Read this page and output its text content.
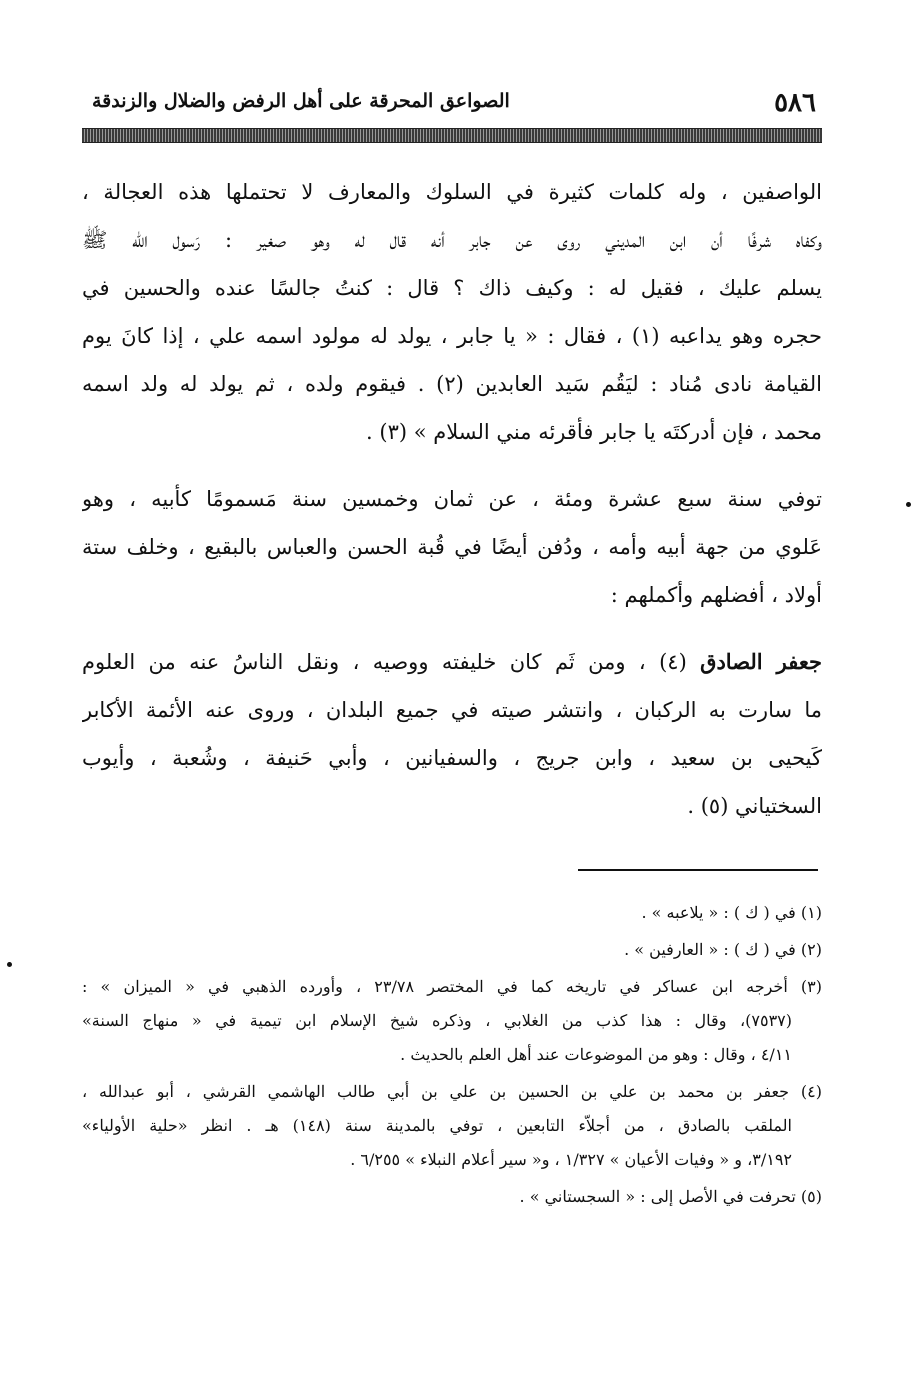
٥٨٦
الصواعق المحرقة على أهل الرفض والضلال والزندقة
الواصفين ، وله كلمات كثيرة في السلوك والمعارف لا تحتملها هذه العجالة ،
وكفاه شرفًا أن ابن المديني روى عن جابر أنه قال له وهو صغير : رَسول الله ﷺ
يسلم عليك ، فقيل له : وكيف ذاك ؟ قال : كنتُ جالسًا عنده والحسين في
حجره وهو يداعبه (١) ، فقال : « يا جابر ، يولد له مولود اسمه علي ، إذا كانَ يوم
القيامة نادى مُناد : ليَقُم سَيد العابدين (٢) . فيقوم ولده ، ثم يولد له ولد اسمه
محمد ، فإن أدركتَه يا جابر فأقرئه مني السلام » (٣) .
توفي سنة سبع عشرة ومئة ، عن ثمان وخمسين سنة مَسمومًا كأبيه ، وهو
عَلوي من جهة أبيه وأمه ، ودُفن أيضًا في قُبة الحسن والعباس بالبقيع ، وخلف ستة
أولاد ، أفضلهم وأكملهم :
جعفر الصادق (٤) ، ومن ثَم كان خليفته ووصيه ، ونقل الناسُ عنه من العلوم
ما سارت به الركبان ، وانتشر صيته في جميع البلدان ، وروى عنه الأئمة الأكابر
كَيحيى بن سعيد ، وابن جريج ، والسفيانين ، وأبي حَنيفة ، وشُعبة ، وأيوب
السختياني (٥) .
(١) في ( ك ) : « يلاعبه » .
(٢) في ( ك ) : « العارفين » .
(٣) أخرجه ابن عساكر في تاريخه كما في المختصر ٢٣/٧٨ ، وأورده الذهبي في « الميزان » :
(٧٥٣٧)، وقال : هذا كذب من الغلابي ، وذكره شيخ الإسلام ابن تيمية في « منهاج السنة»
٤/١١ ، وقال : وهو من الموضوعات عند أهل العلم بالحديث .
(٤) جعفر بن محمد بن علي بن الحسين بن علي بن أبي طالب الهاشمي القرشي ، أبو عبدالله ،
الملقب بالصادق ، من أجلاّء التابعين ، توفي بالمدينة سنة (١٤٨) هـ . انظر «حلية الأولياء»
٣/١٩٢، و « وفيات الأعيان » ١/٣٢٧ ، و« سير أعلام النبلاء » ٦/٢٥٥ .
(٥) تحرفت في الأصل إلى : « السجستاني » .
